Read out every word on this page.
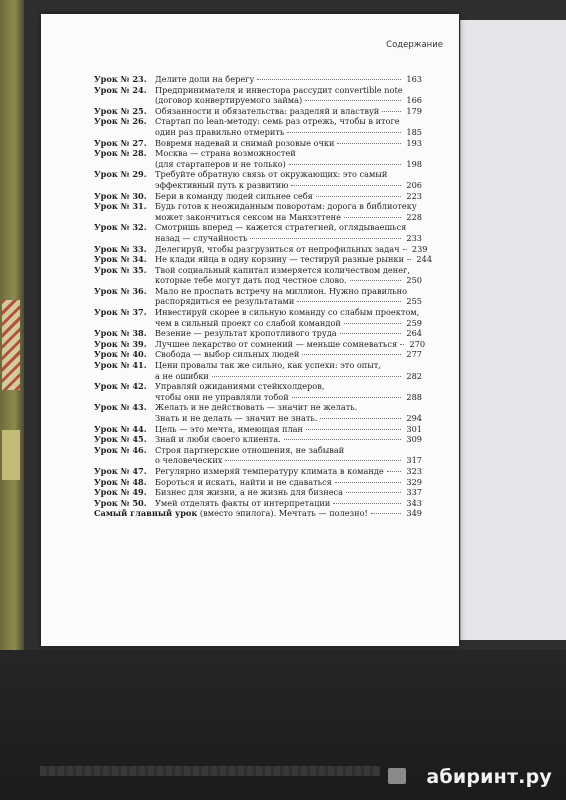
абиринт.ру
Содержание
Урок № 23.	Делите доли на берегу	163
Урок № 24.	Предпринимателя и инвестора рассудит convertible note
(договор конвертируемого займа)	166
Урок № 25.	Обязанности и обязательства: разделяй и властвуй	179
Урок № 26.	Стартап по lean-методу: семь раз отрежь, чтобы в итоге
один раз правильно отмерить	185
Урок № 27.	Вовремя надевай и снимай розовые очки	193
Урок № 28.	Москва — страна возможностей
(для стартаперов и не только)	198
Урок № 29.	Требуйте обратную связь от окружающих: это самый
эффективный путь к развитию	206
Урок № 30.	Бери в команду людей сильнее себя	223
Урок № 31.	Будь готов к неожиданным поворотам: дорога в библиотеку
может закончиться сексом на Манхэттене	228
Урок № 32.	Смотришь вперед — кажется стратегией, оглядываешься
назад — случайность	233
Урок № 33.	Делегируй, чтобы разгрузиться от непрофильных задач 239
Урок № 34.	Не клади яйца в одну корзину — тестируй разные рынки 244
Урок № 35.	Твой социальный капитал измеряется количеством денег,
которые тебе могут дать под честное слово.	250
Урок № 36.	Мало не проспать встречу на миллион. Нужно правильно
распорядиться ее результатами	255
Урок № 37.	Инвестируй скорее в сильную команду со слабым проектом,
чем в сильный проект со слабой командой	259
Урок № 38.	Везение — результат кропотливого труда	264
Урок № 39.	Лучшее лекарство от сомнений — меньше сомневаться 270
Урок № 40.	Свобода — выбор сильных людей	277
Урок № 41.	Цени провалы так же сильно, как успехи: это опыт,
а не ошибки	282
Урок № 42.	Управляй ожиданиями стейкхолдеров,
чтобы они не управляли тобой	288
Урок № 43.	Желать и не действовать — значит не желать.
Знать и не делать — значит не знать.	294
Урок № 44.	Цель — это мечта, имеющая план	301
Урок № 45.	Знай и люби своего клиента.	309
Урок № 46.	Строя партнерские отношения, не забывай
о человеческих	317
Урок № 47.	Регулярно измеряй температуру климата в команде	323
Урок № 48.	Бороться и искать, найти и не сдаваться	329
Урок № 49.	Бизнес для жизни, а не жизнь для бизнеса	337
Урок № 50.	Умей отделять факты от интерпретации	343
Самый главный урок (вместо эпилога). Мечтать — полезно!	349
